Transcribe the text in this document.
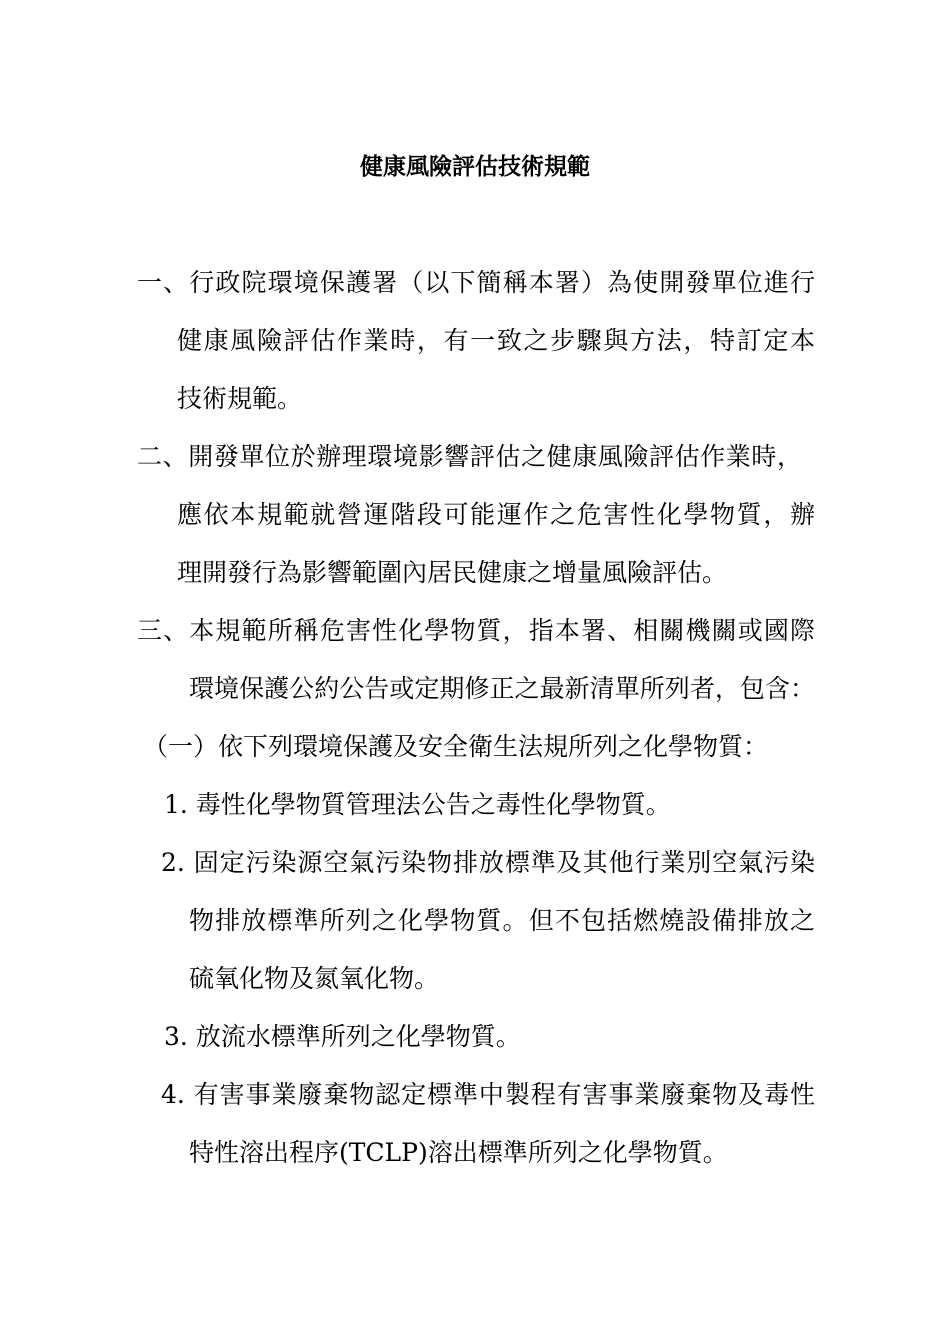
健康風險評估技術規範
一、行政院環境保護署（以下簡稱本署）為使開發單位進行
健康風險評估作業時，有一致之步驟與方法，特訂定本
技術規範。
二、開發單位於辦理環境影響評估之健康風險評估作業時，
應依本規範就營運階段可能運作之危害性化學物質，辦
理開發行為影響範圍內居民健康之增量風險評估。
三、本規範所稱危害性化學物質，指本署、相關機關或國際
環境保護公約公告或定期修正之最新清單所列者，包含：
（一）依下列環境保護及安全衛生法規所列之化學物質：
1. 毒性化學物質管理法公告之毒性化學物質。
2. 固定污染源空氣污染物排放標準及其他行業別空氣污染
物排放標準所列之化學物質。但不包括燃燒設備排放之
硫氧化物及氮氧化物。
3. 放流水標準所列之化學物質。
4. 有害事業廢棄物認定標準中製程有害事業廢棄物及毒性
特性溶出程序(TCLP)溶出標準所列之化學物質。
